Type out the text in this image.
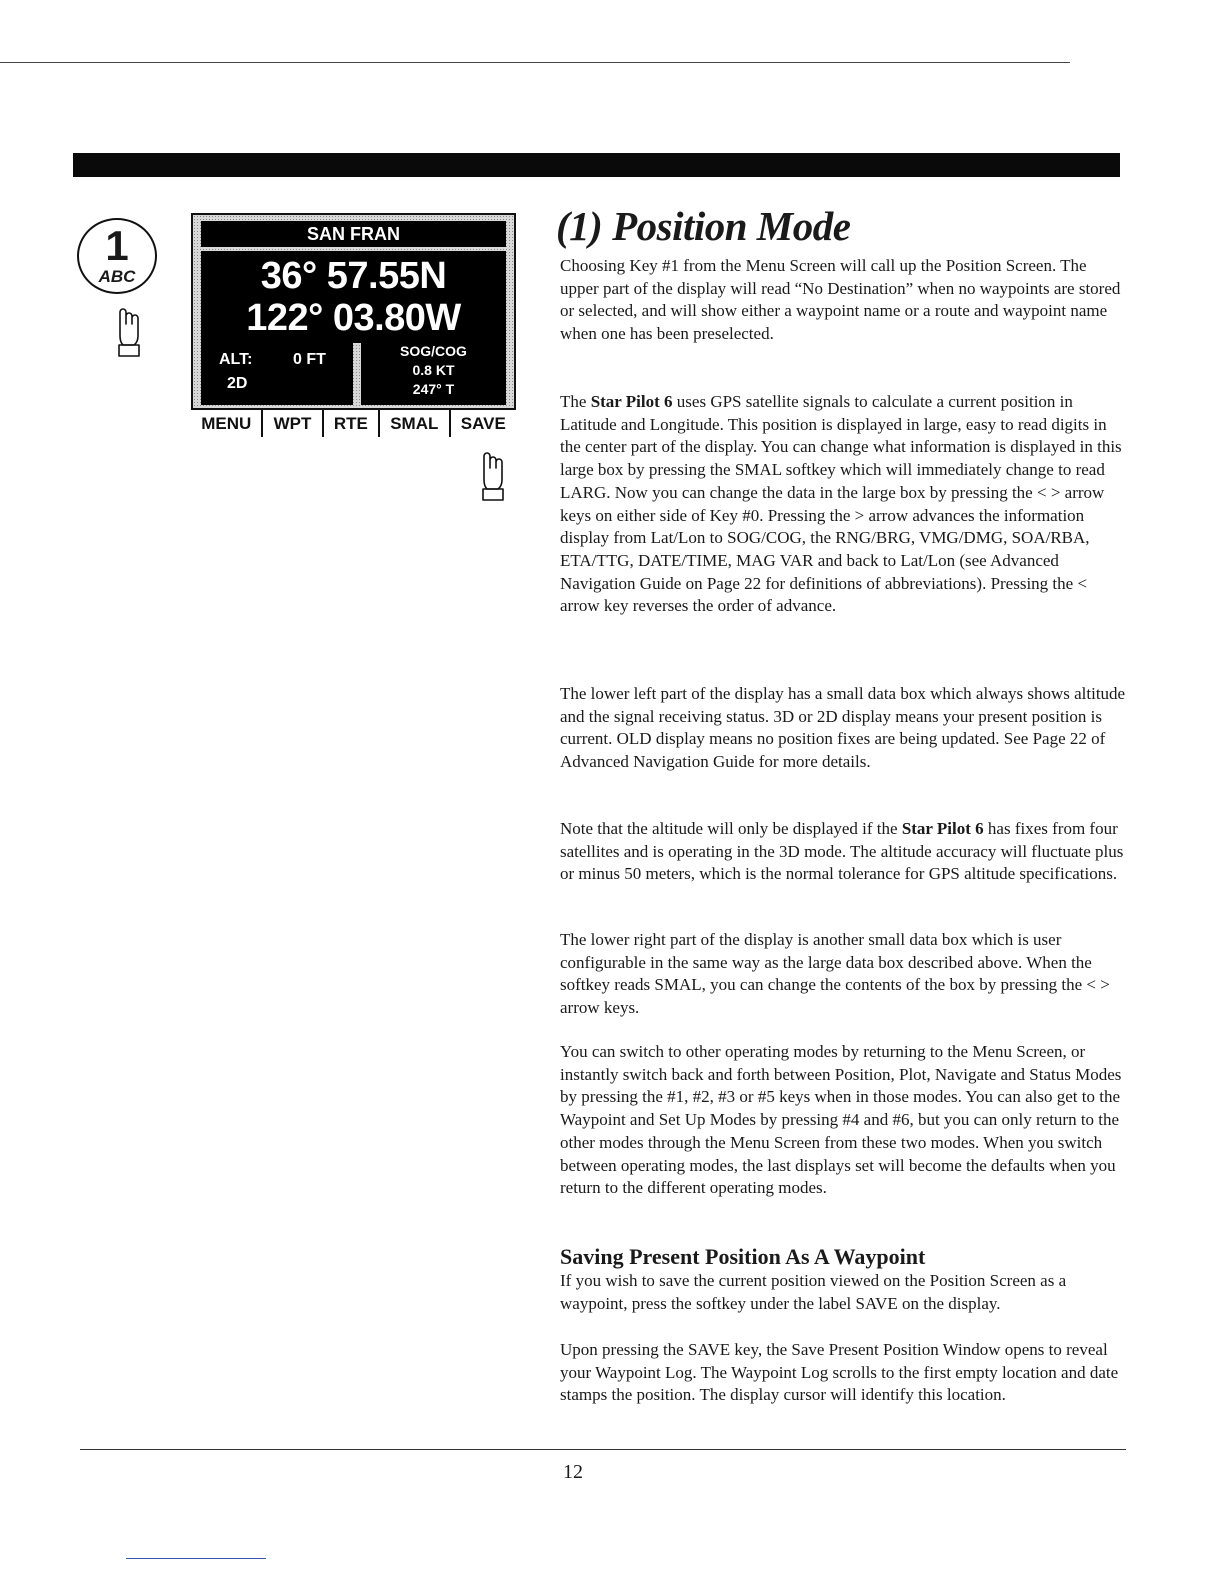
1
ABC
SAN FRAN
36° 57.55N
122° 03.80W
ALT:	0 FT
2D
SOG/COG
0.8 KT
247° T
MENU	WPT	RTE	SMAL	SAVE
(1) Position Mode

Choosing Key #1 from the Menu Screen will call up the Position Screen. The upper part of the display will read “No Destination” when no waypoints are stored or selected, and will show either a waypoint name or a route and waypoint name when one has been preselected.

The Star Pilot 6 uses GPS satellite signals to calculate a current position in Latitude and Longitude. This position is displayed in large, easy to read digits in the center part of the display. You can change what information is displayed in this large box by pressing the SMAL softkey which will immediately change to read LARG. Now you can change the data in the large box by pressing the < > arrow keys on either side of Key #0. Pressing the > arrow advances the information display from Lat/Lon to SOG/COG, the RNG/BRG, VMG/DMG, SOA/RBA, ETA/TTG, DATE/TIME, MAG VAR and back to Lat/Lon (see Advanced Navigation Guide on Page 22 for definitions of abbreviations). Pressing the < arrow key reverses the order of advance.

The lower left part of the display has a small data box which always shows altitude and the signal receiving status. 3D or 2D display means your present position is current. OLD display means no position fixes are being updated. See Page 22 of Advanced Navigation Guide for more details.

Note that the altitude will only be displayed if the Star Pilot 6 has fixes from four satellites and is operating in the 3D mode. The altitude accuracy will fluctuate plus or minus 50 meters, which is the normal tolerance for GPS altitude specifications.

The lower right part of the display is another small data box which is user configurable in the same way as the large data box described above. When the softkey reads SMAL, you can change the contents of the box by pressing the < > arrow keys.

You can switch to other operating modes by returning to the Menu Screen, or instantly switch back and forth between Position, Plot, Navigate and Status Modes by pressing the #1, #2, #3 or #5 keys when in those modes. You can also get to the Waypoint and Set Up Modes by pressing #4 and #6, but you can only return to the other modes through the Menu Screen from these two modes. When you switch between operating modes, the last displays set will become the defaults when you return to the different operating modes.

Saving Present Position As A Waypoint

If you wish to save the current position viewed on the Position Screen as a waypoint, press the softkey under the label SAVE on the display.

Upon pressing the SAVE key, the Save Present Position Window opens to reveal your Waypoint Log. The Waypoint Log scrolls to the first empty location and date stamps the position. The display cursor will identify this location.

12
